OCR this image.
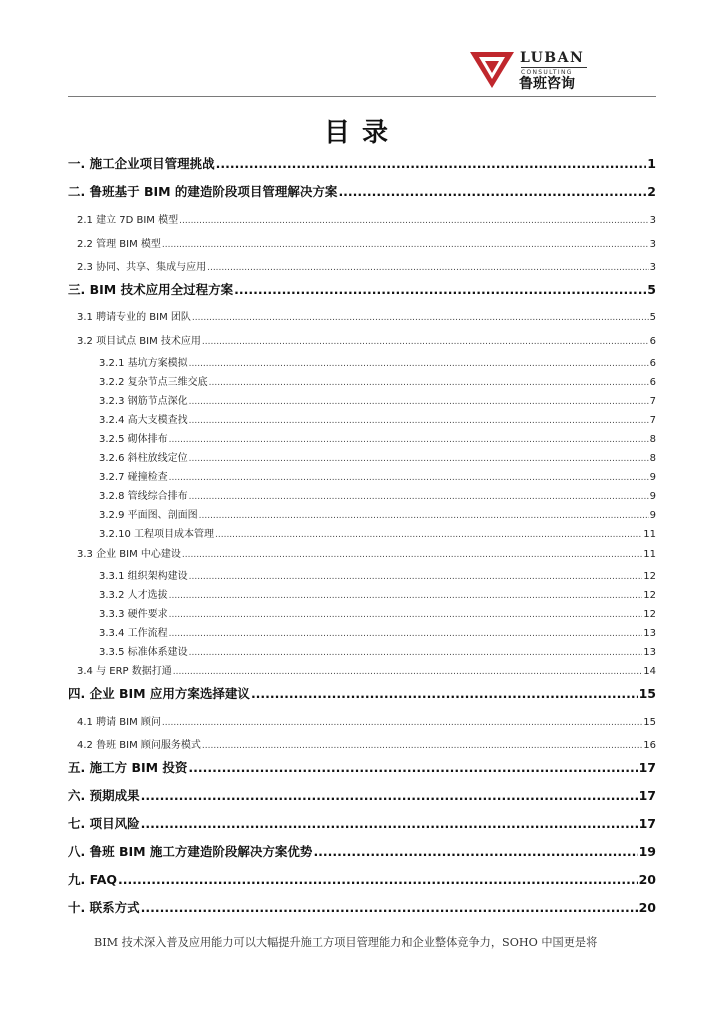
LUBAN
CONSULTING
鲁班咨询
目录
一. 施工企业项目管理挑战 .....	1
二. 鲁班基于 BIM 的建造阶段项目管理解决方案 .....	2
2.1 建立 7D BIM 模型 .....	3
2.2 管理 BIM 模型 .....	3
2.3 协同、共享、集成与应用 .....	3
三. BIM 技术应用全过程方案 .....	5
3.1 聘请专业的 BIM 团队 .....	5
3.2 项目试点 BIM 技术应用 .....	6
3.2.1 基坑方案模拟 .....	6
3.2.2 复杂节点三维交底 .....	6
3.2.3 钢筋节点深化 .....	7
3.2.4 高大支模查找 .....	7
3.2.5 砌体排布 .....	8
3.2.6 斜柱放线定位 .....	8
3.2.7 碰撞检查 .....	9
3.2.8 管线综合排布 .....	9
3.2.9 平面图、剖面图 .....	9
3.2.10 工程项目成本管理 .....	11
3.3 企业 BIM 中心建设 .....	11
3.3.1 组织架构建设 .....	12
3.3.2 人才选拔 .....	12
3.3.3 硬件要求 .....	12
3.3.4 工作流程 .....	13
3.3.5 标准体系建设 .....	13
3.4 与 ERP 数据打通 .....	14
四. 企业 BIM 应用方案选择建议 .....	15
4.1 聘请 BIM 顾问 .....	15
4.2 鲁班 BIM 顾问服务模式 .....	16
五. 施工方 BIM 投资 .....	17
六. 预期成果 .....	17
七. 项目风险 .....	17
八. 鲁班 BIM 施工方建造阶段解决方案优势 .....	19
九. FAQ .....	20
十. 联系方式 .....	20
BIM 技术深入普及应用能力可以大幅提升施工方项目管理能力和企业整体竞争力，SOHO 中国更是将
